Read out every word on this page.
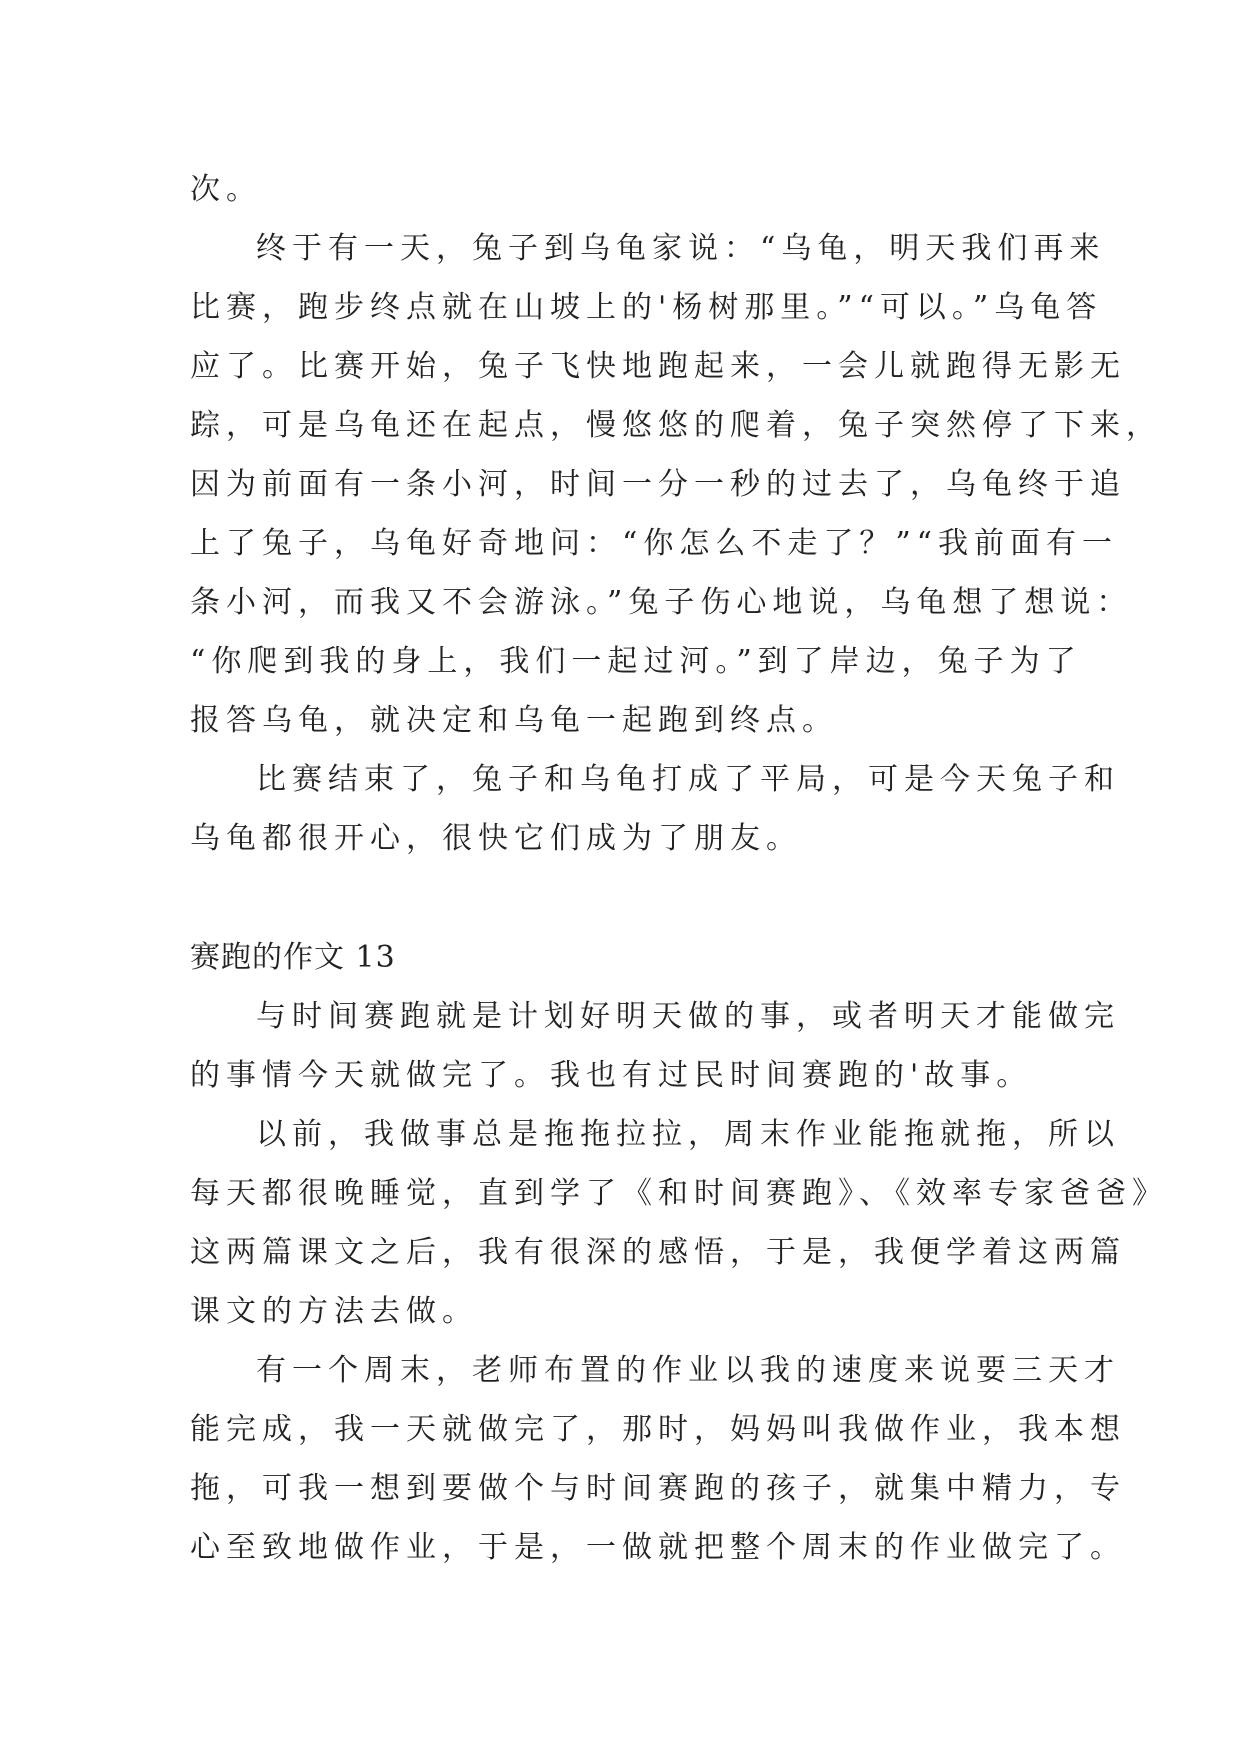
次。
终于有一天，兔子到乌龟家说：“乌龟，明天我们再来
比赛，跑步终点就在山坡上的'杨树那里。”“可以。”乌龟答
应了。比赛开始，兔子飞快地跑起来，一会儿就跑得无影无
踪，可是乌龟还在起点，慢悠悠的爬着，兔子突然停了下来，
因为前面有一条小河，时间一分一秒的过去了，乌龟终于追
上了兔子，乌龟好奇地问：“你怎么不走了？”“我前面有一
条小河，而我又不会游泳。”兔子伤心地说，乌龟想了想说：
“你爬到我的身上，我们一起过河。”到了岸边，兔子为了
报答乌龟，就决定和乌龟一起跑到终点。
比赛结束了，兔子和乌龟打成了平局，可是今天兔子和
乌龟都很开心，很快它们成为了朋友。
赛跑的作文 13
与时间赛跑就是计划好明天做的事，或者明天才能做完
的事情今天就做完了。我也有过民时间赛跑的'故事。
以前，我做事总是拖拖拉拉，周末作业能拖就拖，所以
每天都很晚睡觉，直到学了《和时间赛跑》、《效率专家爸爸》
这两篇课文之后，我有很深的感悟，于是，我便学着这两篇
课文的方法去做。
有一个周末，老师布置的作业以我的速度来说要三天才
能完成，我一天就做完了，那时，妈妈叫我做作业，我本想
拖，可我一想到要做个与时间赛跑的孩子，就集中精力，专
心至致地做作业，于是，一做就把整个周末的作业做完了。
